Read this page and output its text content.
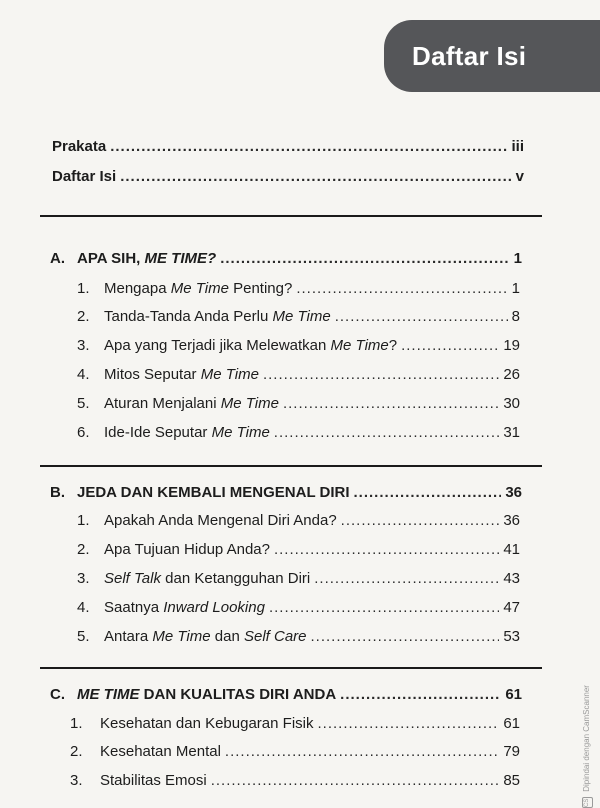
Daftar Isi
Prakata .....	iii
Daftar Isi .....	v
A. APA SIH, ME TIME? .....	1
1. Mengapa Me Time Penting? .....	1
2. Tanda-Tanda Anda Perlu Me Time .....	8
3. Apa yang Terjadi jika Melewatkan Me Time? .....	19
4. Mitos Seputar Me Time .....	26
5. Aturan Menjalani Me Time .....	30
6. Ide-Ide Seputar Me Time .....	31
B. JEDA DAN KEMBALI MENGENAL DIRI .....	36
1. Apakah Anda Mengenal Diri Anda? .....	36
2. Apa Tujuan Hidup Anda? .....	41
3. Self Talk dan Ketangguhan Diri .....	43
4. Saatnya Inward Looking .....	47
5. Antara Me Time dan Self Care .....	53
C. ME TIME DAN KUALITAS DIRI ANDA .....	61
1. Kesehatan dan Kebugaran Fisik .....	61
2. Kesehatan Mental .....	79
3. Stabilitas Emosi .....	85
CS Dipindai dengan CamScanner
